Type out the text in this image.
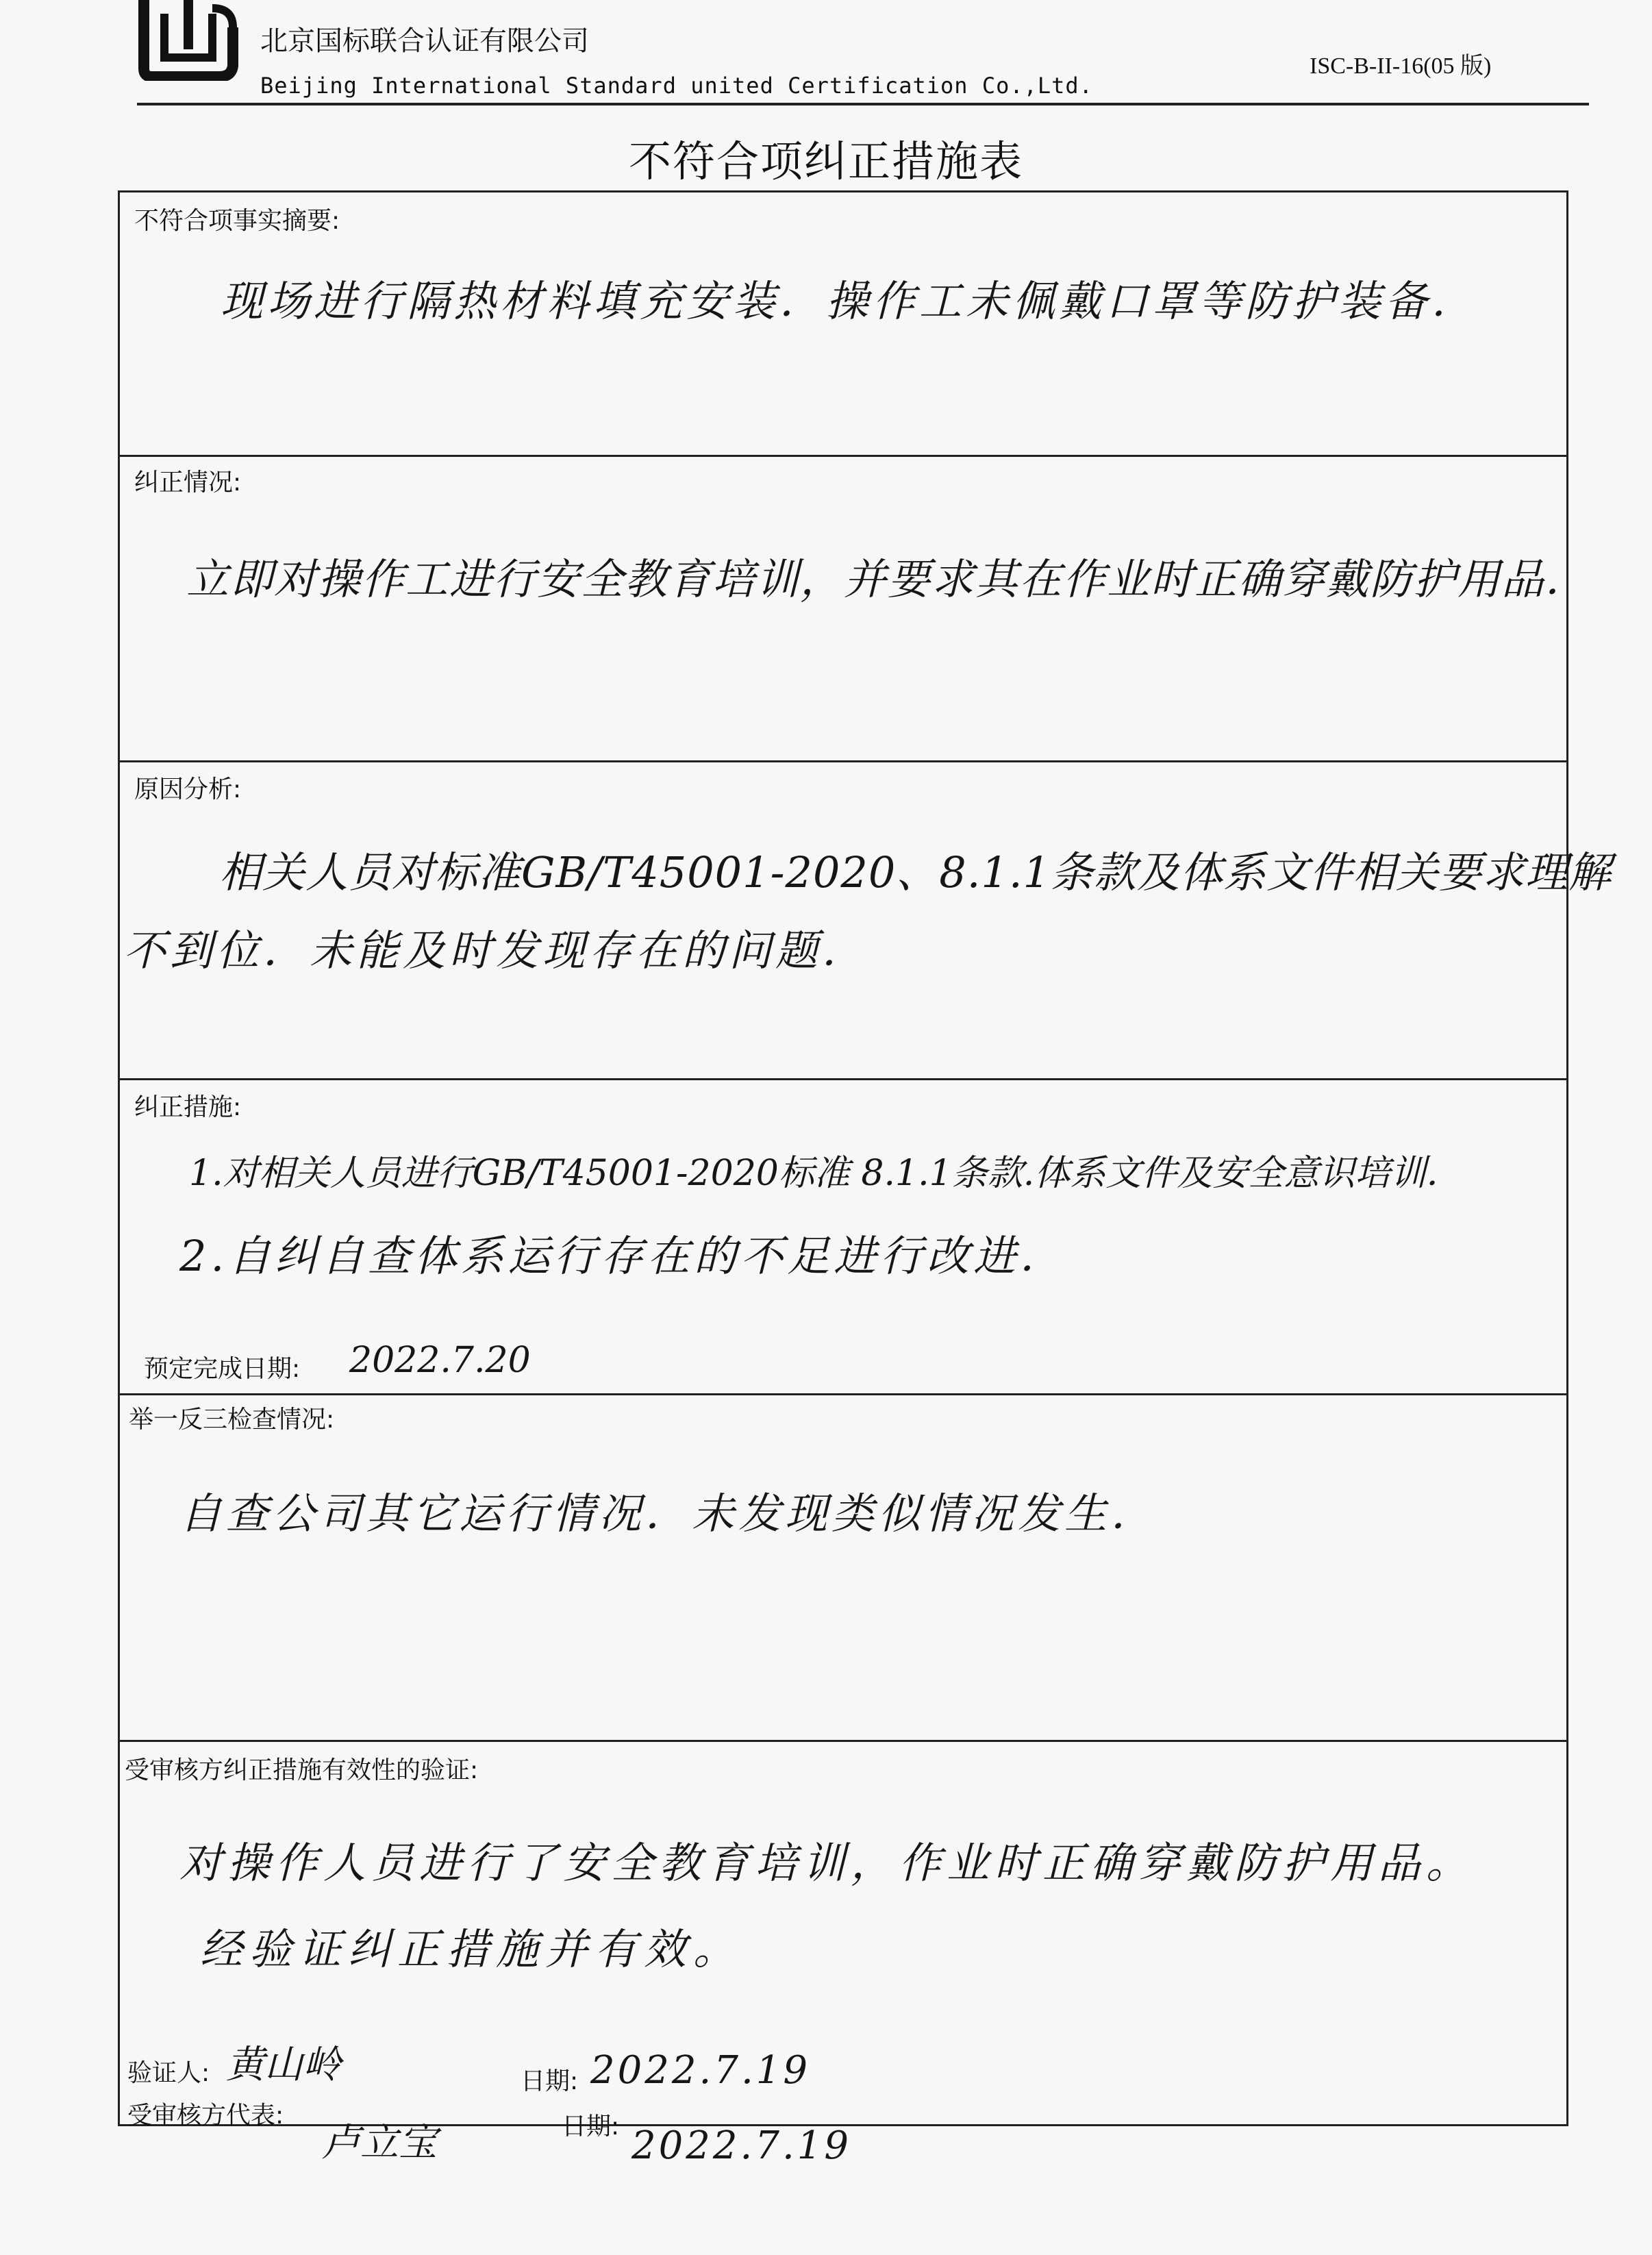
北京国标联合认证有限公司
Beijing International Standard united Certification Co.,Ltd.
ISC-B-II-16(05 版)
不符合项纠正措施表
不符合项事实摘要:
现场进行隔热材料填充安装．操作工未佩戴口罩等防护装备．
纠正情况:
立即对操作工进行安全教育培训，并要求其在作业时正确穿戴防护用品．
原因分析:
相关人员对标准GB/T45001-2020、8.1.1条款及体系文件相关要求理解
不到位．未能及时发现存在的问题．
纠正措施:
1.对相关人员进行GB/T45001-2020标准 8.1.1条款.体系文件及安全意识培训．
2.自纠自查体系运行存在的不足进行改进．
预定完成日期: 2022.7.20
举一反三检查情况:
自查公司其它运行情况．未发现类似情况发生．
受审核方纠正措施有效性的验证:
对操作人员进行了安全教育培训，作业时正确穿戴防护用品。
经验证纠正措施并有效。
验证人: 黄山岭	日期: 2022.7.19
受审核方代表:
卢立宝	日期: 2022.7.19
